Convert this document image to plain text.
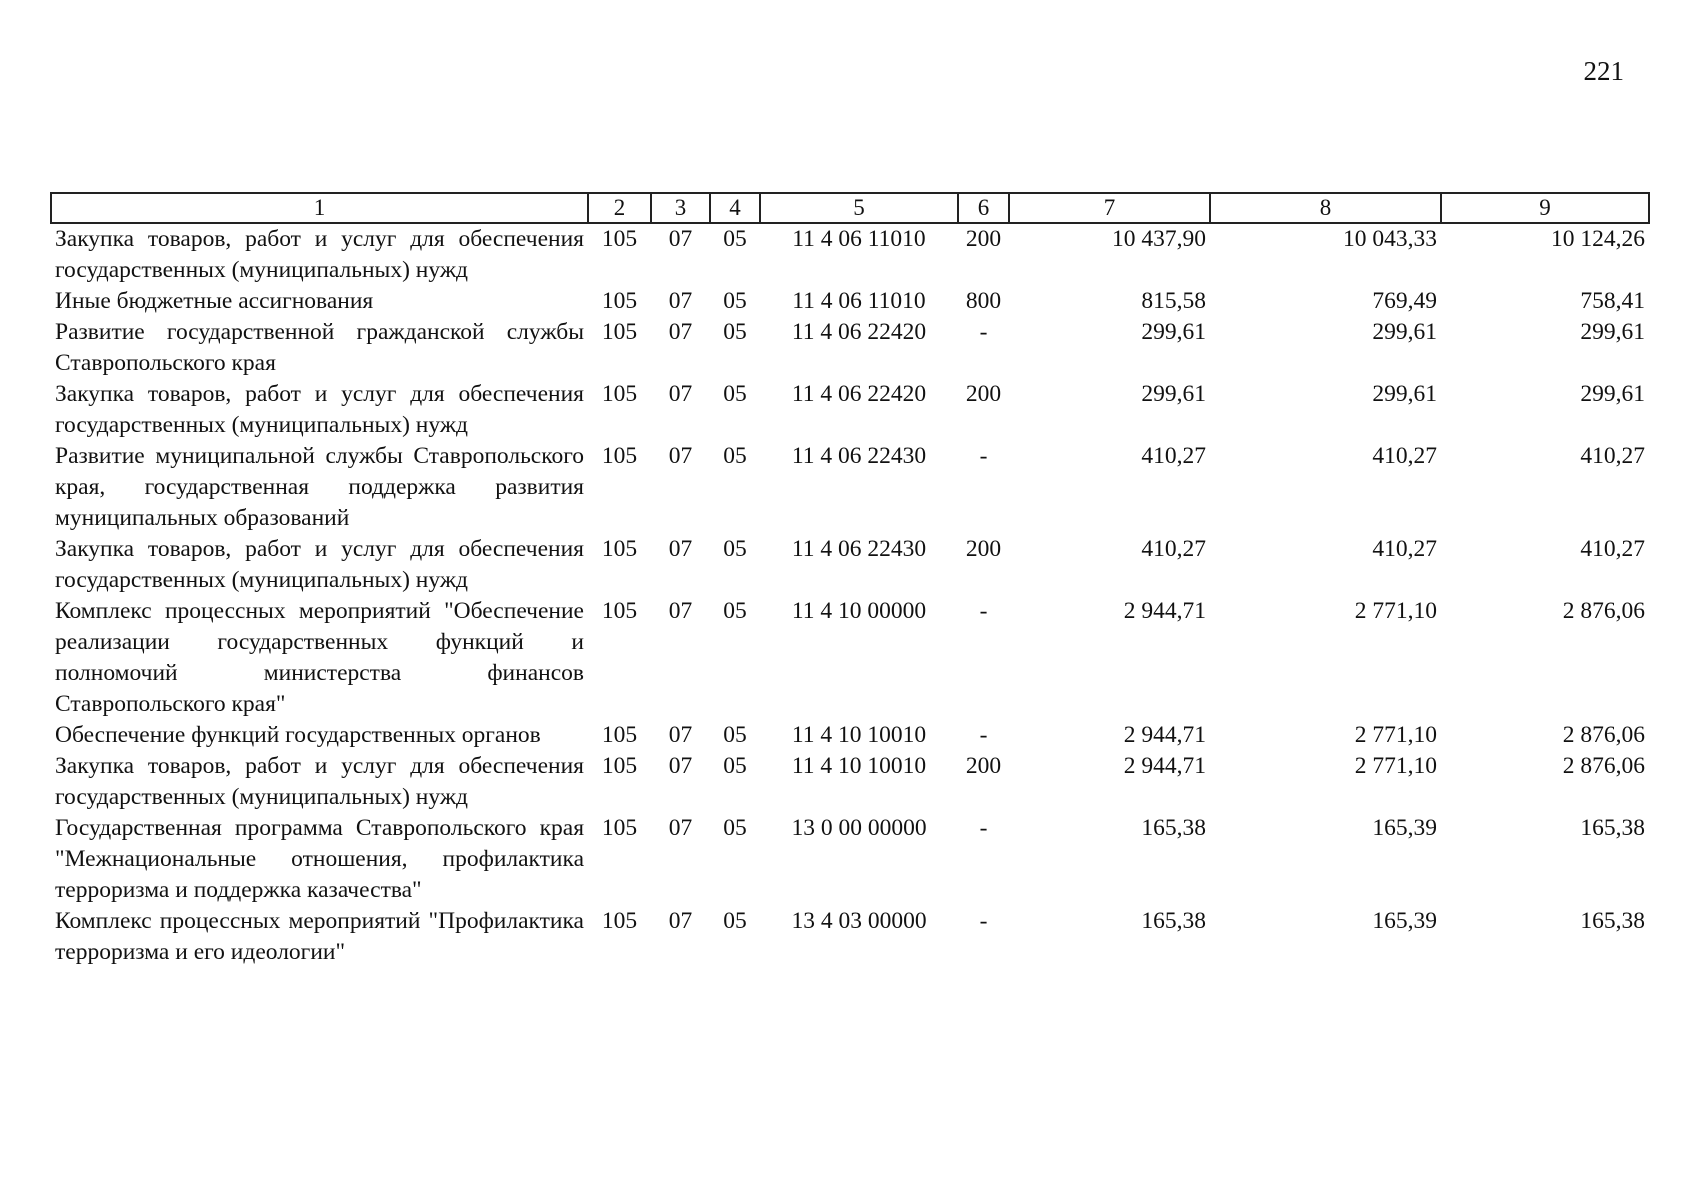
221
1	2	3	4	5	6	7	8	9
Закупка товаров, работ и услуг для обеспечения государственных (муниципальных) нужд	105	07	05	11 4 06 11010	200	10 437,90	10 043,33	10 124,26
Иные бюджетные ассигнования	105	07	05	11 4 06 11010	800	815,58	769,49	758,41
Развитие государственной гражданской службы Ставропольского края	105	07	05	11 4 06 22420	-	299,61	299,61	299,61
Закупка товаров, работ и услуг для обеспечения государственных (муниципальных) нужд	105	07	05	11 4 06 22420	200	299,61	299,61	299,61
Развитие муниципальной службы Ставропольского края, государственная поддержка развития муниципальных образований	105	07	05	11 4 06 22430	-	410,27	410,27	410,27
Закупка товаров, работ и услуг для обеспечения государственных (муниципальных) нужд	105	07	05	11 4 06 22430	200	410,27	410,27	410,27
Комплекс процессных мероприятий "Обеспечение реализации государственных функций и полномочий министерства финансов Ставропольского края"	105	07	05	11 4 10 00000	-	2 944,71	2 771,10	2 876,06
Обеспечение функций государственных органов	105	07	05	11 4 10 10010	-	2 944,71	2 771,10	2 876,06
Закупка товаров, работ и услуг для обеспечения государственных (муниципальных) нужд	105	07	05	11 4 10 10010	200	2 944,71	2 771,10	2 876,06
Государственная программа Ставропольского края "Межнациональные отношения, профилактика терроризма и поддержка казачества"	105	07	05	13 0 00 00000	-	165,38	165,39	165,38
Комплекс процессных мероприятий "Профилактика терроризма и его идеологии"	105	07	05	13 4 03 00000	-	165,38	165,39	165,38
